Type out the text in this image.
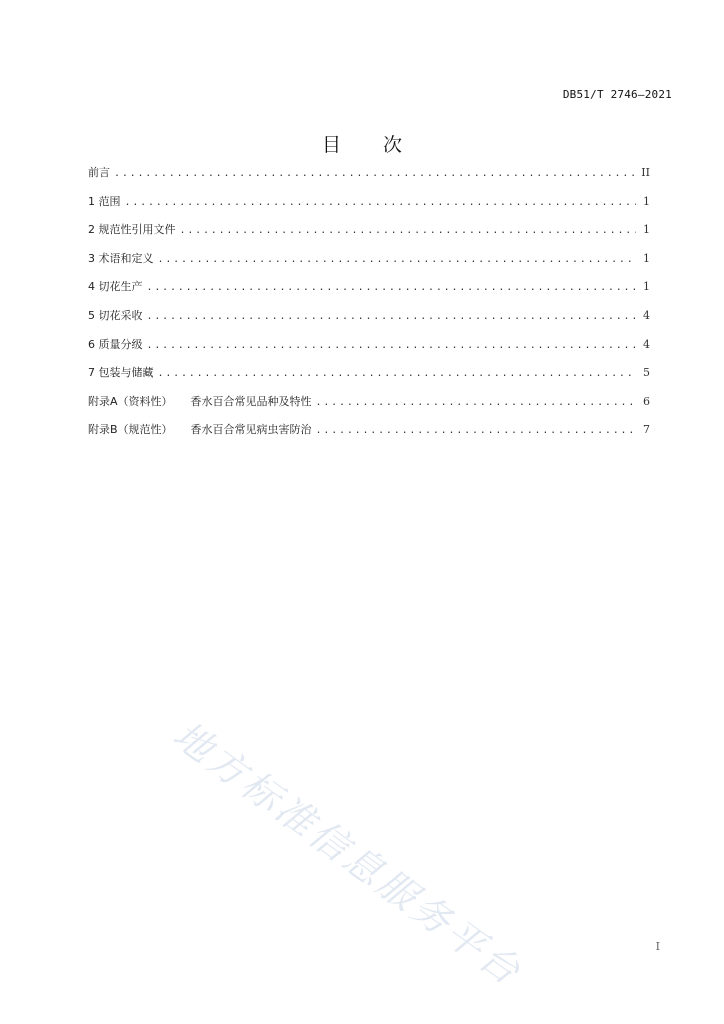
DB51/T 2746—2021
目 次
前言 .....	II
1 范围 .....	1
2 规范性引用文件 .....	1
3 术语和定义 .....	1
4 切花生产 .....	1
5 切花采收 .....	4
6 质量分级 .....	4
7 包装与储藏 .....	5
附录A（资料性） 香水百合常见品种及特性 .....	6
附录B（规范性） 香水百合常见病虫害防治 .....	7
地方标准信息服务平台	I
